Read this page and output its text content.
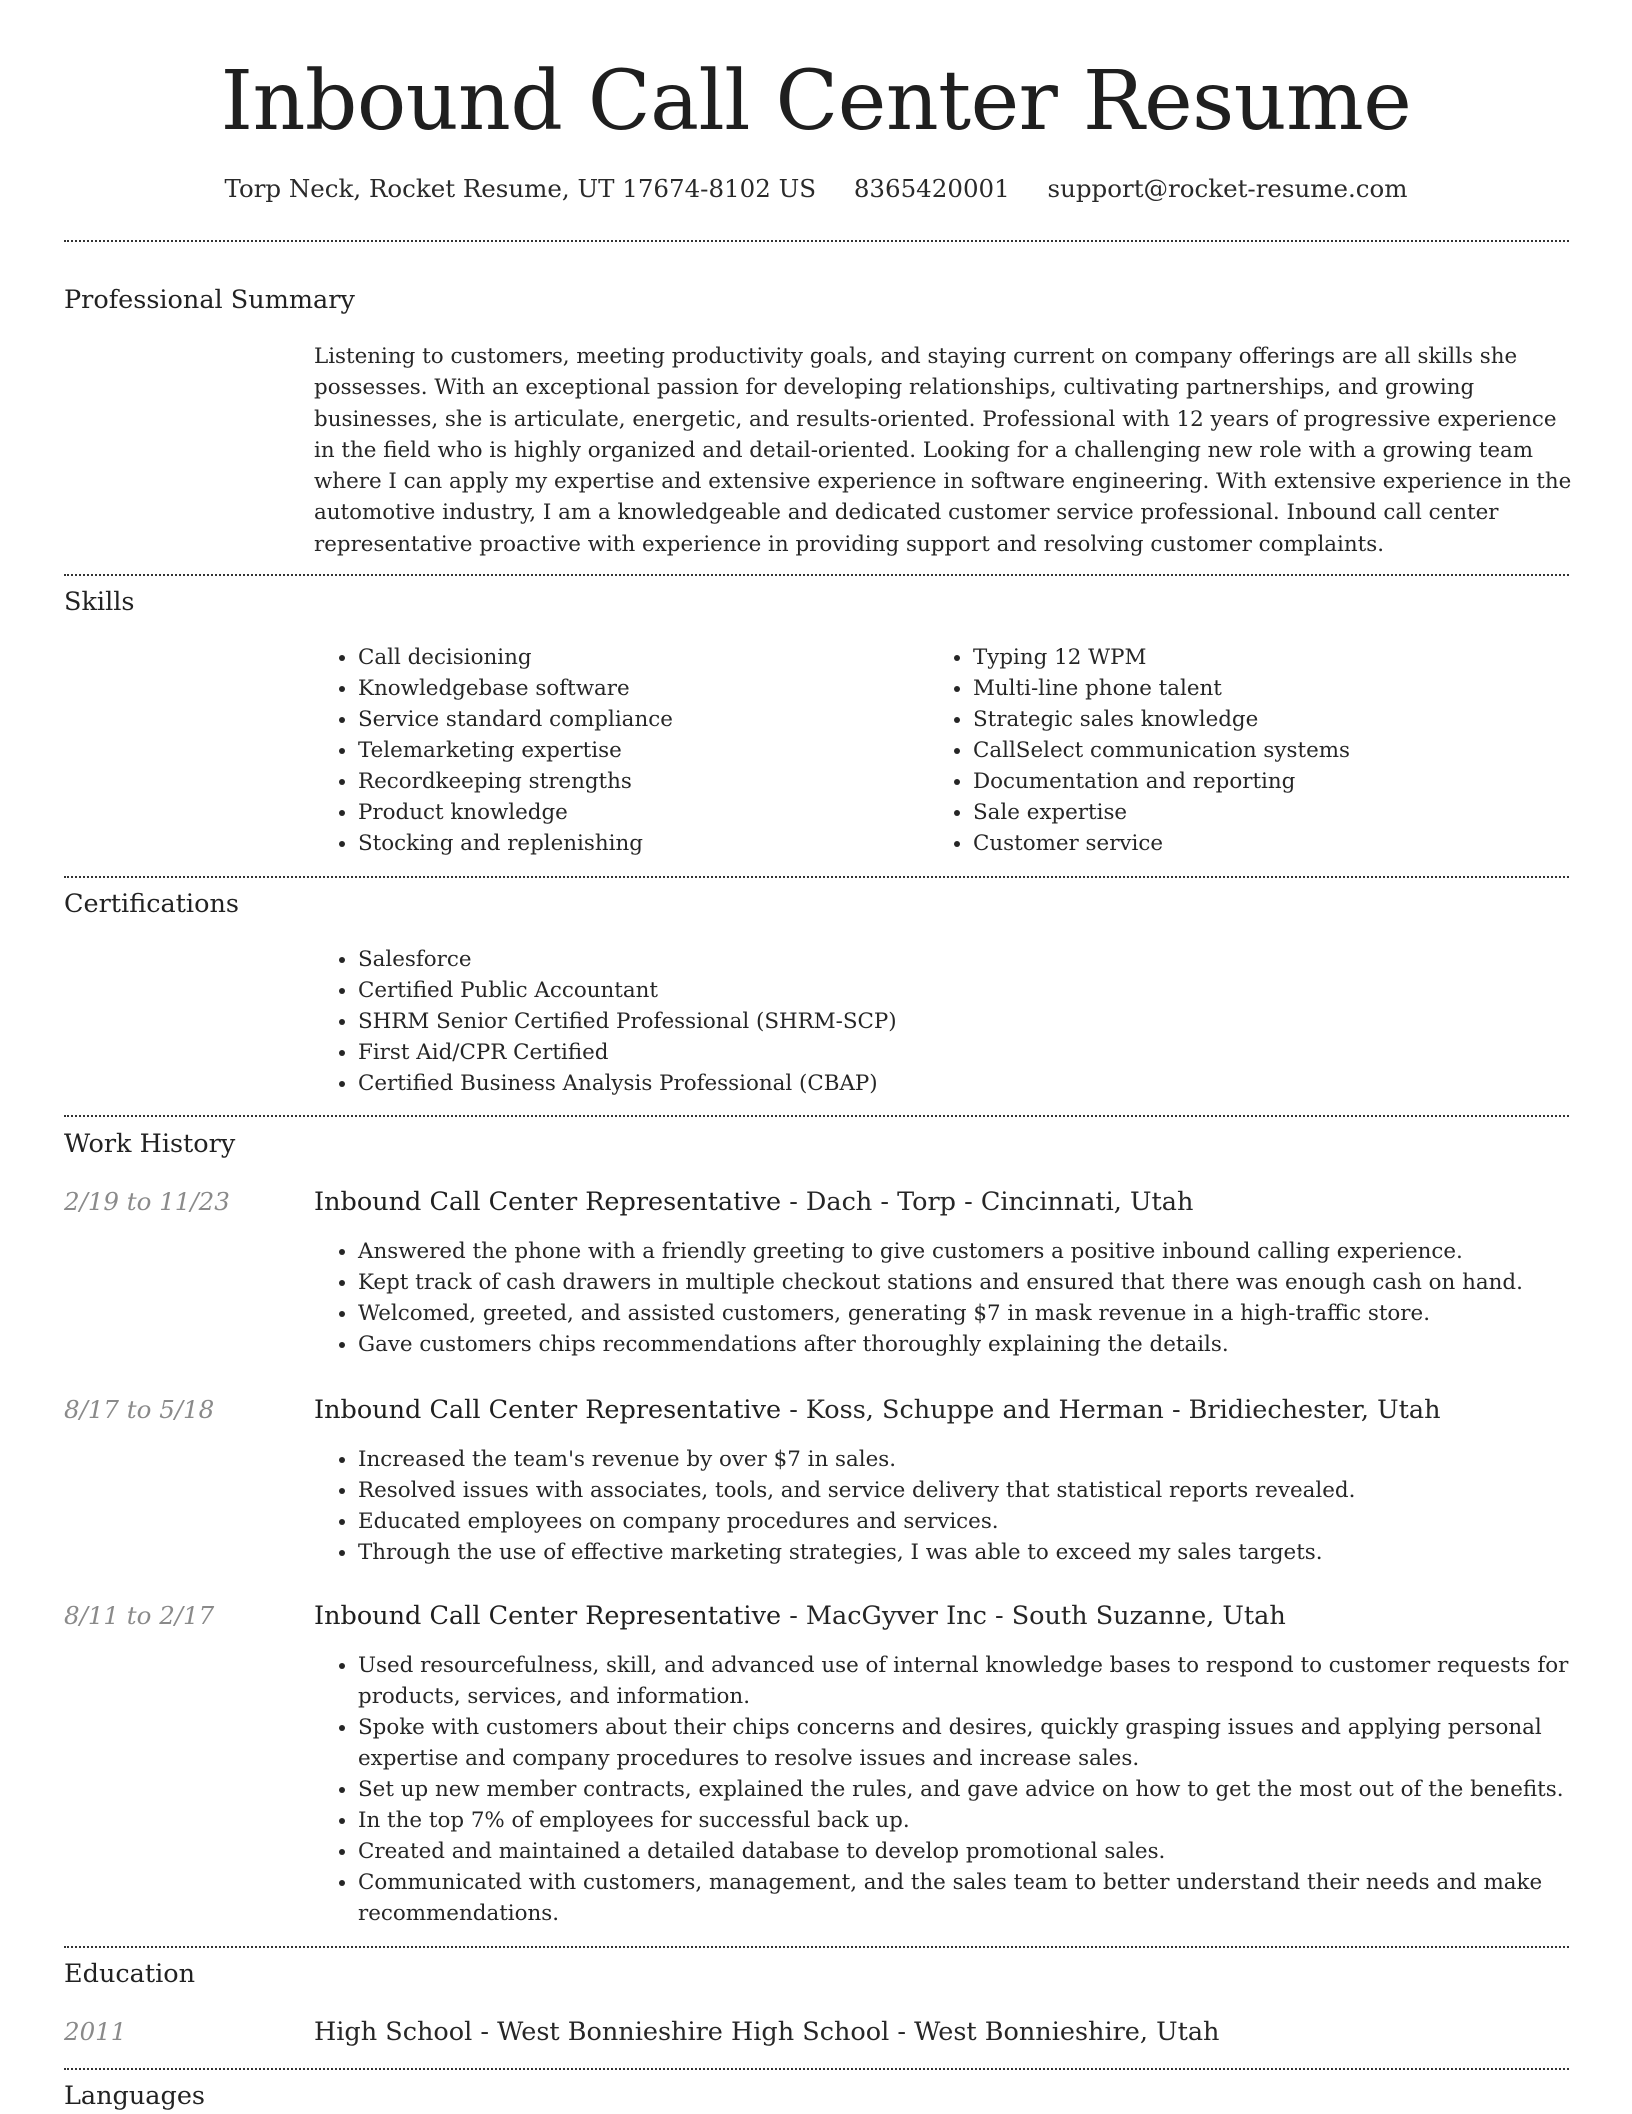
Inbound Call Center Resume
Torp Neck, Rocket Resume, UT 17674-8102 US 8365420001 support@rocket-resume.com
Professional Summary

Listening to customers, meeting productivity goals, and staying current on company offerings are all skills she possesses. With an exceptional passion for developing relationships, cultivating partnerships, and growing businesses, she is articulate, energetic, and results-oriented. Professional with 12 years of progressive experience in the field who is highly organized and detail-oriented. Looking for a challenging new role with a growing team where I can apply my expertise and extensive experience in software engineering. With extensive experience in the automotive industry, I am a knowledgeable and dedicated customer service professional. Inbound call center representative proactive with experience in providing support and resolving customer complaints.

Skills
• Call decisioning
• Knowledgebase software
• Service standard compliance
• Telemarketing expertise
• Recordkeeping strengths
• Product knowledge
• Stocking and replenishing
• Typing 12 WPM
• Multi-line phone talent
• Strategic sales knowledge
• CallSelect communication systems
• Documentation and reporting
• Sale expertise
• Customer service
Certifications
• Salesforce
• Certified Public Accountant
• SHRM Senior Certified Professional (SHRM-SCP)
• First Aid/CPR Certified
• Certified Business Analysis Professional (CBAP)
Work History
2/19 to 11/23	Inbound Call Center Representative - Dach - Torp - Cincinnati, Utah
• Answered the phone with a friendly greeting to give customers a positive inbound calling experience.
• Kept track of cash drawers in multiple checkout stations and ensured that there was enough cash on hand.
• Welcomed, greeted, and assisted customers, generating $7 in mask revenue in a high-traffic store.
• Gave customers chips recommendations after thoroughly explaining the details.
8/17 to 5/18	Inbound Call Center Representative - Koss, Schuppe and Herman - Bridiechester, Utah
• Increased the team's revenue by over $7 in sales.
• Resolved issues with associates, tools, and service delivery that statistical reports revealed.
• Educated employees on company procedures and services.
• Through the use of effective marketing strategies, I was able to exceed my sales targets.
8/11 to 2/17	Inbound Call Center Representative - MacGyver Inc - South Suzanne, Utah
• Used resourcefulness, skill, and advanced use of internal knowledge bases to respond to customer requests for products, services, and information.
• Spoke with customers about their chips concerns and desires, quickly grasping issues and applying personal expertise and company procedures to resolve issues and increase sales.
• Set up new member contracts, explained the rules, and gave advice on how to get the most out of the benefits.
• In the top 7% of employees for successful back up.
• Created and maintained a detailed database to develop promotional sales.
• Communicated with customers, management, and the sales team to better understand their needs and make recommendations.
Education
2011	High School - West Bonnieshire High School - West Bonnieshire, Utah
Languages
